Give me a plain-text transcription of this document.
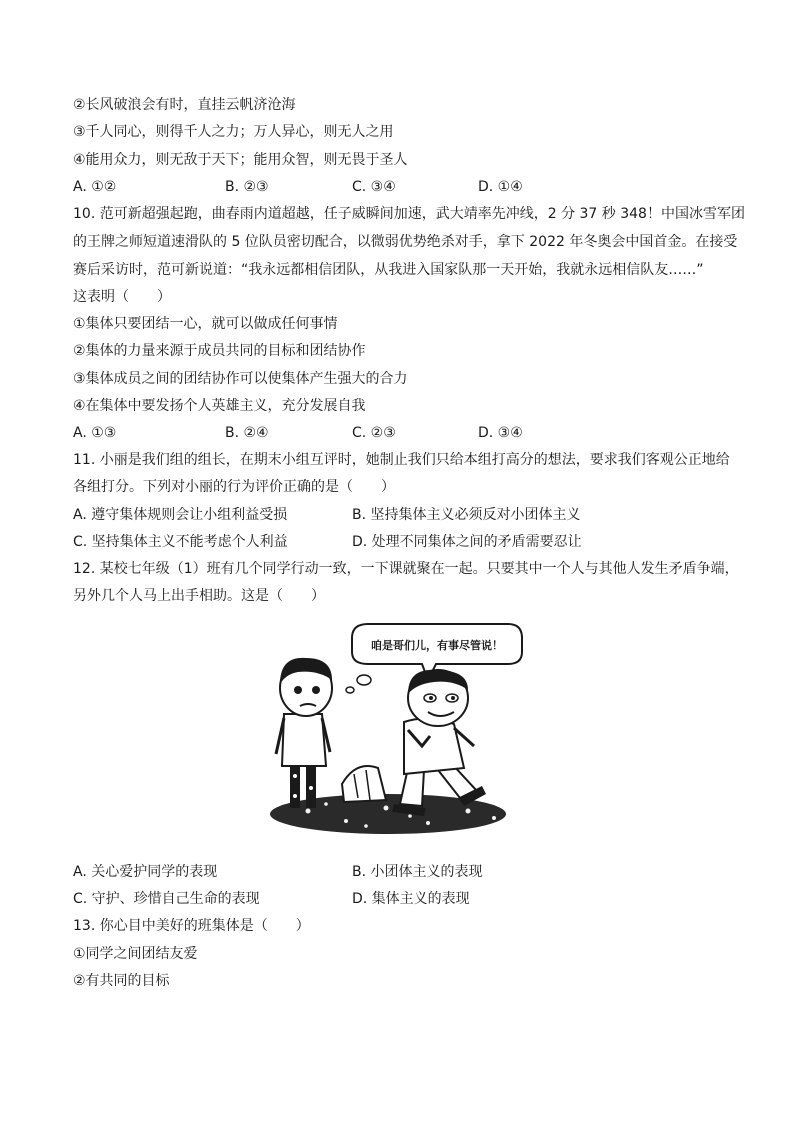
②长风破浪会有时，直挂云帆济沧海
③千人同心，则得千人之力；万人异心，则无人之用
④能用众力，则无敌于天下；能用众智，则无畏于圣人
A. ①②	B. ②③	C. ③④	D. ①④
10. 范可新超强起跑，曲春雨内道超越，任子威瞬间加速，武大靖率先冲线，2 分 37 秒 348！中国冰雪军团
的王牌之师短道速滑队的 5 位队员密切配合，以微弱优势绝杀对手，拿下 2022 年冬奥会中国首金。在接受
赛后采访时，范可新说道：“我永远都相信团队，从我进入国家队那一天开始，我就永远相信队友……”
这表明（　　）
①集体只要团结一心，就可以做成任何事情
②集体的力量来源于成员共同的目标和团结协作
③集体成员之间的团结协作可以使集体产生强大的合力
④在集体中要发扬个人英雄主义，充分发展自我
A. ①③	B. ②④	C. ②③	D. ③④
11. 小丽是我们组的组长，在期末小组互评时，她制止我们只给本组打高分的想法，要求我们客观公正地给
各组打分。下列对小丽的行为评价正确的是（　　）
A. 遵守集体规则会让小组利益受损	B. 坚持集体主义必须反对小团体主义
C. 坚持集体主义不能考虑个人利益	D. 处理不同集体之间的矛盾需要忍让
12. 某校七年级（1）班有几个同学行动一致，一下课就聚在一起。只要其中一个人与其他人发生矛盾争端，
另外几个人马上出手相助。这是（　　）
咱是哥们儿，有事尽管说！
A. 关心爱护同学的表现	B. 小团体主义的表现
C. 守护、珍惜自己生命的表现	D. 集体主义的表现
13. 你心目中美好的班集体是（　　）
①同学之间团结友爱
②有共同的目标
